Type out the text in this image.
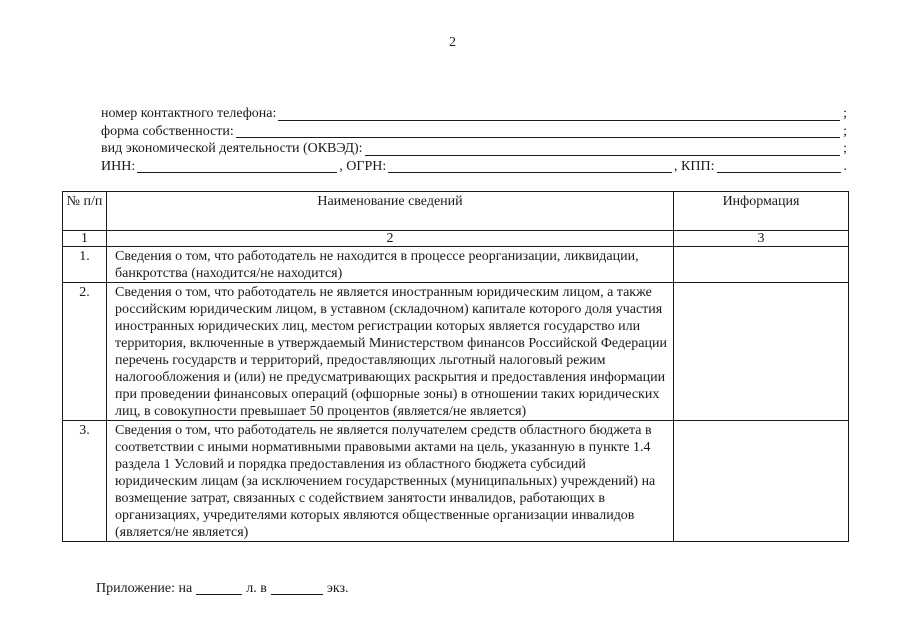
2
номер контактного телефона:	;
форма собственности:	;
вид экономической деятельности (ОКВЭД):	;
ИНН:	, ОГРН:	, КПП:	.
№ п/п	Наименование сведений	Информация
1	2	3
1.	Сведения о том, что работодатель не находится в процессе реорганизации, ликвидации, банкротства (находится/не находится)	
2.	Сведения о том, что работодатель не является иностранным юридическим лицом, а также российским юридическим лицом, в уставном (складочном) капитале которого доля участия иностранных юридических лиц, местом регистрации которых является государство или территория, включенные в утверждаемый Министерством финансов Российской Федерации перечень государств и территорий, предоставляющих льготный налоговый режим налогообложения и (или) не предусматривающих раскрытия и предоставления информации при проведении финансовых операций (офшорные зоны) в отношении таких юридических лиц, в совокупности превышает 50 процентов (является/не является)	
3.	Сведения о том, что работодатель не является получателем средств областного бюджета в соответствии с иными нормативными правовыми актами на цель, указанную в пункте 1.4 раздела 1 Условий и порядка предоставления из областного бюджета субсидий юридическим лицам (за исключением государственных (муниципальных) учреждений) на возмещение затрат, связанных с содействием занятости инвалидов, работающих в организациях, учредителями которых являются общественные организации инвалидов (является/не является)	
Приложение: на	л. в	экз.
